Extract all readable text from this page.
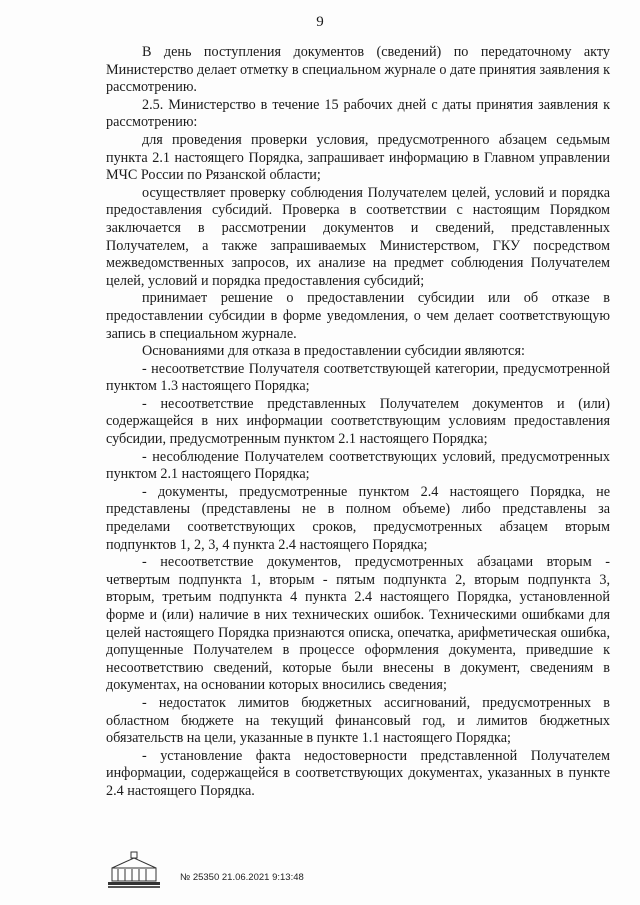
9

В день поступления документов (сведений) по передаточному акту Министерство делает отметку в специальном журнале о дате принятия заявления к рассмотрению.

2.5. Министерство в течение 15 рабочих дней с даты принятия заявления к рассмотрению:

для проведения проверки условия, предусмотренного абзацем седьмым пункта 2.1 настоящего Порядка, запрашивает информацию в Главном управлении МЧС России по Рязанской области;

осуществляет проверку соблюдения Получателем целей, условий и порядка предоставления субсидий. Проверка в соответствии с настоящим Порядком заключается в рассмотрении документов и сведений, представленных Получателем, а также запрашиваемых Министерством, ГКУ посредством межведомственных запросов, их анализе на предмет соблюдения Получателем целей, условий и порядка предоставления субсидий;

принимает решение о предоставлении субсидии или об отказе в предоставлении субсидии в форме уведомления, о чем делает соответствующую запись в специальном журнале.

Основаниями для отказа в предоставлении субсидии являются:

- несоответствие Получателя соответствующей категории, предусмотренной пунктом 1.3 настоящего Порядка;

- несоответствие представленных Получателем документов и (или) содержащейся в них информации соответствующим условиям предоставления субсидии, предусмотренным пунктом 2.1 настоящего Порядка;

- несоблюдение Получателем соответствующих условий, предусмотренных пунктом 2.1 настоящего Порядка;

- документы, предусмотренные пунктом 2.4 настоящего Порядка, не представлены (представлены не в полном объеме) либо представлены за пределами соответствующих сроков, предусмотренных абзацем вторым подпунктов 1, 2, 3, 4 пункта 2.4 настоящего Порядка;

- несоответствие документов, предусмотренных абзацами вторым - четвертым подпункта 1, вторым - пятым подпункта 2, вторым подпункта 3, вторым, третьим подпункта 4 пункта 2.4 настоящего Порядка, установленной форме и (или) наличие в них технических ошибок. Техническими ошибками для целей настоящего Порядка признаются описка, опечатка, арифметическая ошибка, допущенные Получателем в процессе оформления документа, приведшие к несоответствию сведений, которые были внесены в документ, сведениям в документах, на основании которых вносились сведения;

- недостаток лимитов бюджетных ассигнований, предусмотренных в областном бюджете на текущий финансовый год, и лимитов бюджетных обязательств на цели, указанные в пункте 1.1 настоящего Порядка;

- установление факта недостоверности представленной Получателем информации, содержащейся в соответствующих документах, указанных в пункте 2.4 настоящего Порядка.

№ 25350 21.06.2021 9:13:48
